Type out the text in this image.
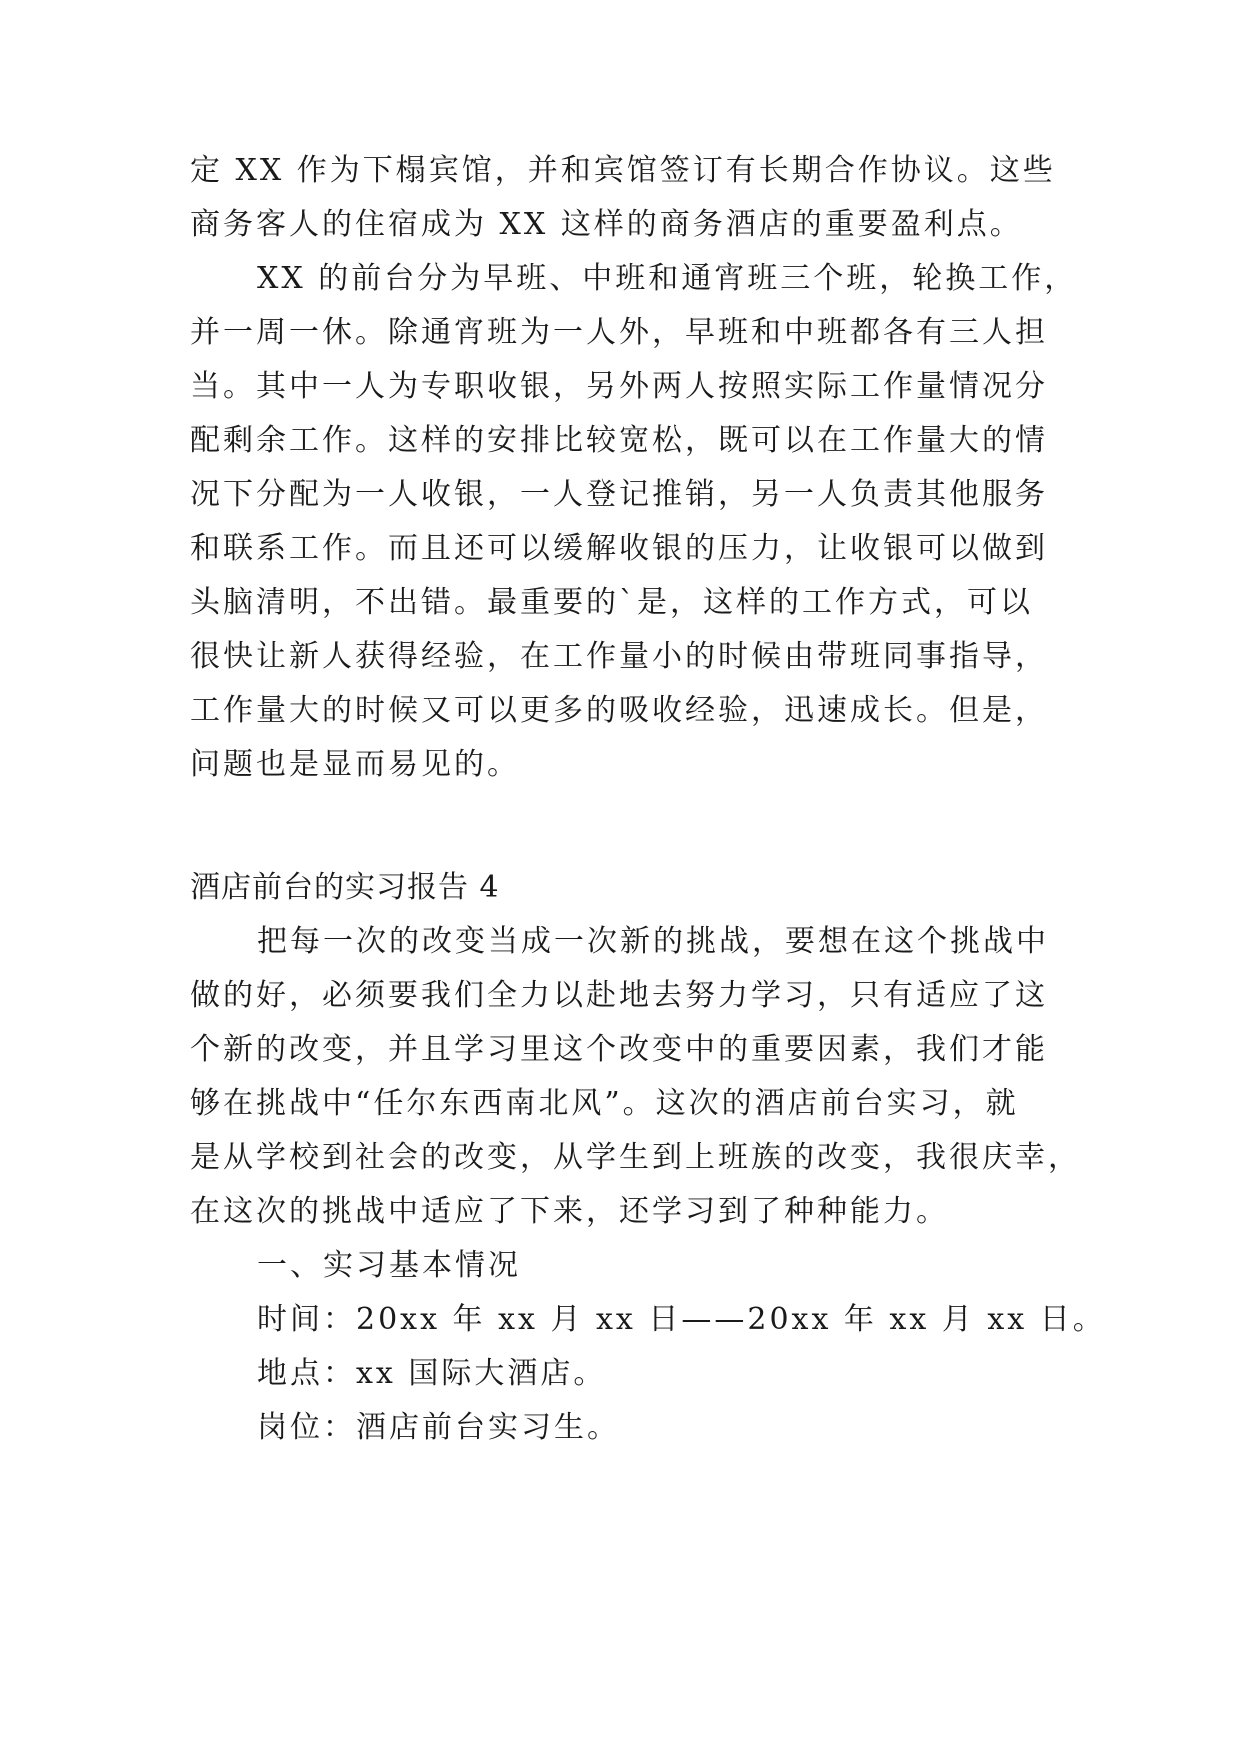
定 XX 作为下榻宾馆，并和宾馆签订有长期合作协议。这些
商务客人的住宿成为 XX 这样的商务酒店的重要盈利点。
XX 的前台分为早班、中班和通宵班三个班，轮换工作，
并一周一休。除通宵班为一人外，早班和中班都各有三人担
当。其中一人为专职收银，另外两人按照实际工作量情况分
配剩余工作。这样的安排比较宽松，既可以在工作量大的情
况下分配为一人收银，一人登记推销，另一人负责其他服务
和联系工作。而且还可以缓解收银的压力，让收银可以做到
头脑清明，不出错。最重要的`是，这样的工作方式，可以
很快让新人获得经验，在工作量小的时候由带班同事指导，
工作量大的时候又可以更多的吸收经验，迅速成长。但是，
问题也是显而易见的。
酒店前台的实习报告 4
把每一次的改变当成一次新的挑战，要想在这个挑战中
做的好，必须要我们全力以赴地去努力学习，只有适应了这
个新的改变，并且学习里这个改变中的重要因素，我们才能
够在挑战中“任尔东西南北风”。这次的酒店前台实习，就
是从学校到社会的改变，从学生到上班族的改变，我很庆幸，
在这次的挑战中适应了下来，还学习到了种种能力。
一、实习基本情况
时间：20xx 年 xx 月 xx 日——20xx 年 xx 月 xx 日。
地点：xx 国际大酒店。
岗位：酒店前台实习生。
